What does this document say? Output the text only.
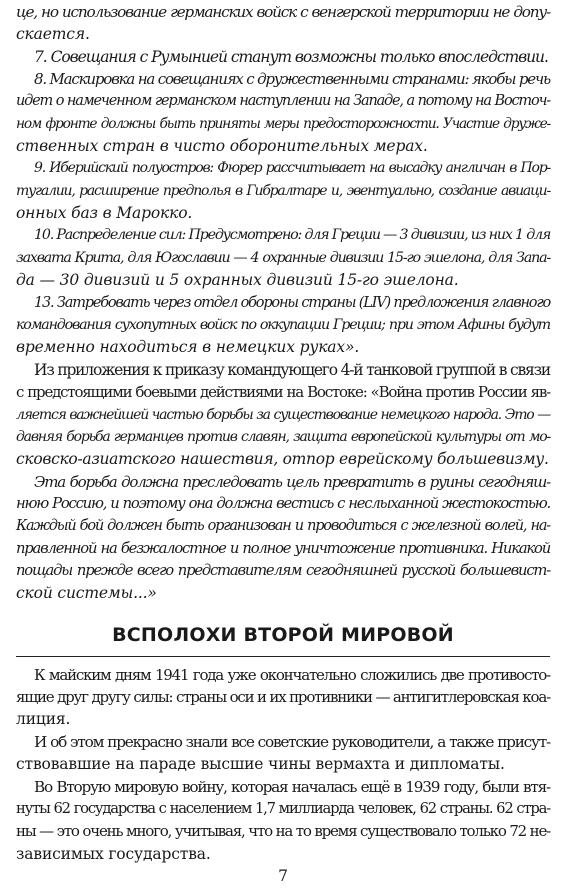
це, но использование германских войск с венгерской территории не допу-
скается.
7. Совещания с Румынией станут возможны только впоследствии.
8. Маскировка на совещаниях с дружественными странами: якобы речь
идет о намеченном германском наступлении на Западе, а потому на Восточ-
ном фронте должны быть приняты меры предосторожности. Участие друже-
ственных стран в чисто оборонительных мерах.
9. Иберийский полуостров: Фюрер рассчитывает на высадку англичан в Пор-
тугалии, расширение предполья в Гибралтаре и, эвентуально, создание авиаци-
онных баз в Марокко.
10. Распределение сил: Предусмотрено: для Греции — 3 дивизии, из них 1 для
захвата Крита, для Югославии — 4 охранные дивизии 15-го эшелона, для Запа-
да — 30 дивизий и 5 охранных дивизий 15-го эшелона.
13. Затребовать через отдел обороны страны (LIV) предложения главного
командования сухопутных войск по оккупации Греции; при этом Афины будут
временно находиться в немецких руках».
Из приложения к приказу командующего 4-й танковой группой в связи
с предстоящими боевыми действиями на Востоке: «Война против России яв-
ляется важнейшей частью борьбы за существование немецкого народа. Это —
давняя борьба германцев против славян, защита европейской культуры от мо-
сковско-азиатского нашествия, отпор еврейскому большевизму.
Эта борьба должна преследовать цель превратить в руины сегодняш-
нюю Россию, и поэтому она должна вестись с неслыханной жестокостью.
Каждый бой должен быть организован и проводиться с железной волей, на-
правленной на безжалостное и полное уничтожение противника. Никакой
пощады прежде всего представителям сегодняшней русской большевист-
ской системы...»
ВСПОЛОХИ ВТОРОЙ МИРОВОЙ
К майским дням 1941 года уже окончательно сложились две противосто-
ящие друг другу силы: страны оси и их противники — антигитлеровская коа-
лиция.
И об этом прекрасно знали все советские руководители, а также присут-
ствовавшие на параде высшие чины вермахта и дипломаты.
Во Вторую мировую войну, которая началась ещё в 1939 году, были втя-
нуты 62 государства с населением 1,7 миллиарда человек, 62 страны. 62 стра-
ны — это очень много, учитывая, что на то время существовало только 72 не-
зависимых государства.
7
